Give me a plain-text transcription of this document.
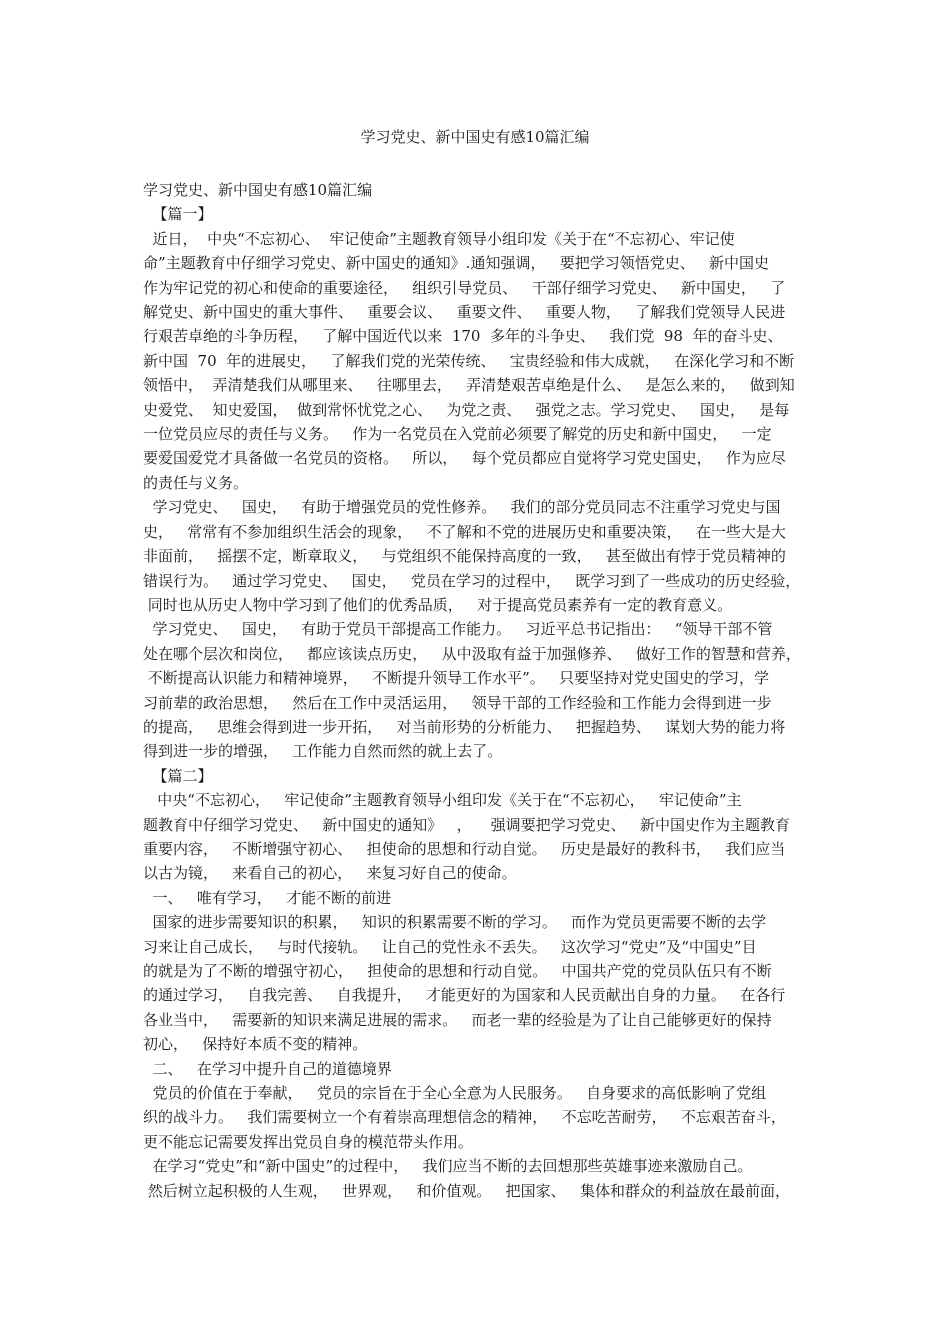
学习党史、新中国史有感10篇汇编

学习党史、新中国史有感10篇汇编

【篇一】

近日，  中央“不忘初心、  牢记使命”主题教育领导小组印发《关于在“不忘初心、牢记使

命”主题教育中仔细学习党史、新中国史的通知》.通知强调，   要把学习领悟党史、   新中国史

作为牢记党的初心和使命的重要途径，   组织引导党员、   干部仔细学习党史、   新中国史，   了

解党史、新中国史的重大事件、   重要会议、   重要文件、   重要人物，   了解我们党领导人民进

行艰苦卓绝的斗争历程，   了解中国近代以来  170  多年的斗争史、   我们党  98  年的奋斗史、

新中国  70  年的进展史，   了解我们党的光荣传统、   宝贵经验和伟大成就，   在深化学习和不断

领悟中，  弄清楚我们从哪里来、   往哪里去，   弄清楚艰苦卓绝是什么、   是怎么来的，   做到知

史爱党、  知史爱国，  做到常怀忧党之心、   为党之责、   强党之志。学习党史、   国史，   是每

一位党员应尽的责任与义务。   作为一名党员在入党前必须要了解党的历史和新中国史，   一定

要爱国爱党才具备做一名党员的资格。   所以，   每个党员都应自觉将学习党史国史，   作为应尽

的责任与义务。

学习党史、   国史，   有助于增强党员的党性修养。   我们的部分党员同志不注重学习党史与国

史，   常常有不参加组织生活会的现象，   不了解和不党的进展历史和重要决策，   在一些大是大

非面前，   摇摆不定，断章取义，   与党组织不能保持高度的一致，   甚至做出有悖于党员精神的

错误行为。   通过学习党史、   国史，   党员在学习的过程中，   既学习到了一些成功的历史经验，

同时也从历史人物中学习到了他们的优秀品质，   对于提高党员素养有一定的教育意义。

学习党史、   国史，   有助于党员干部提高工作能力。   习近平总书记指出：   “领导干部不管

处在哪个层次和岗位，   都应该读点历史，   从中汲取有益于加强修养、   做好工作的智慧和营养，

不断提高认识能力和精神境界，   不断提升领导工作水平”。   只要坚持对党史国史的学习，学

习前辈的政治思想，   然后在工作中灵活运用，   领导干部的工作经验和工作能力会得到进一步

的提高，   思维会得到进一步开拓，   对当前形势的分析能力、   把握趋势、   谋划大势的能力将

得到进一步的增强，   工作能力自然而然的就上去了。

【篇二】

中央“不忘初心，   牢记使命”主题教育领导小组印发《关于在“不忘初心，   牢记使命”主

题教育中仔细学习党史、   新中国史的通知》   ，    强调要把学习党史、   新中国史作为主题教育

重要内容，   不断增强守初心、   担使命的思想和行动自觉。   历史是最好的教科书，   我们应当

以古为镜，   来看自己的初心，   来复习好自己的使命。

一、   唯有学习，   才能不断的前进

国家的进步需要知识的积累，   知识的积累需要不断的学习。   而作为党员更需要不断的去学

习来让自己成长，   与时代接轨。   让自己的党性永不丢失。   这次学习“党史”及“中国史”目

的就是为了不断的增强守初心，   担使命的思想和行动自觉。   中国共产党的党员队伍只有不断

的通过学习，   自我完善、   自我提升，   才能更好的为国家和人民贡献出自身的力量。   在各行

各业当中，   需要新的知识来满足进展的需求。   而老一辈的经验是为了让自己能够更好的保持

初心，   保持好本质不变的精神。

二、   在学习中提升自己的道德境界

党员的价值在于奉献，   党员的宗旨在于全心全意为人民服务。   自身要求的高低影响了党组

织的战斗力。   我们需要树立一个有着崇高理想信念的精神，   不忘吃苦耐劳，   不忘艰苦奋斗，

更不能忘记需要发挥出党员自身的模范带头作用。

在学习“党史”和“新中国史”的过程中，   我们应当不断的去回想那些英雄事迹来激励自己。

然后树立起积极的人生观，   世界观，   和价值观。   把国家、   集体和群众的利益放在最前面，
